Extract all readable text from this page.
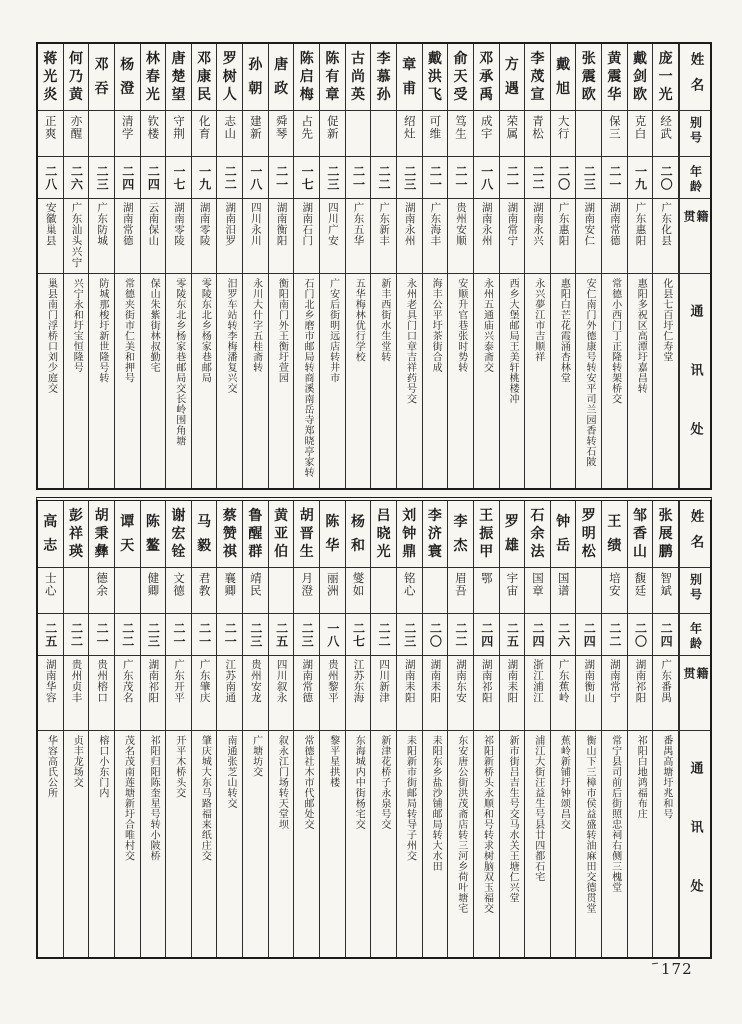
姓名
别号
年龄
籍贯
通讯处
庞
一
光
经武
二〇
广东化县
化县七百圩仁寿堂
戴
剑
欧
克白
一九
广东惠阳
惠阳多祝区高潭圩嘉昌转
黄
震
华
保三
二一
湖南常德
常德小西门丁正隆转架桥交
张
震
欧
二三
湖南安仁
安仁南门外德康号转安平司兰园香转石陂
戴
旭
大行
二〇
广东惠阳
惠阳白芒花霞涌杏林堂
李
荗
宣
青松
二二
湖南永兴
永兴夢江市吉顺祥
方
遇
荣属
二一
湖南常宁
西乡大堡邮局王美轩桃楼冲
邓
承
禹
成宇
一八
湖南永州
永州五通庙兴泰斋交
俞
天
受
笃生
二一
贵州安顺
安顺升官巷张时势转
戴
洪
飞
可维
二一
广东海丰
海丰公平圩茶街合成
章
甫
绍灶
二三
湖南永州
永州老具门口章吉祥药号交
李
慕
孙
二二
广东新丰
新丰西街水生堂转
古
尚
英
二一
广东五华
五华梅林优行学校
陈
有
章
促新
二三
四川广安
广安后街明远店转井市
陈
启
梅
占先
一七
湖南石门
石门北乡磨市邮局转商溪南岳寺郑晓亭家转
唐
政
舜琴
二一
湖南衡阳
衡阳南门外王衡圩萱园
孙
朝
建新
一八
四川永川
永川大什字五桂斋转
罗
树
人
志山
二二
湖南汨罗
汨罗车站转李梅潘复兴交
邓
康
民
化育
一九
湖南零陵
零陵东北乡杨家巷邮局
唐
楚
望
守荆
一七
湖南零陵
零陵东北乡杨家巷邮局交长岭围角塘
林
春
光
钦楼
二四
云南保山
保山朱紫街林叔勤宅
杨
澄
清学
二四
湖南常德
常德夹街市仁美和押号
邓
吞
二三
广东防城
防城那梭圩新世隆号转
何
乃
黄
亦醒
二六
广东汕头兴宁
兴宁永和圩宝恒隆号
蒋
光
炎
正爽
二八
安徽巢县
巢县南门浮桥口刘少庭交
姓名
别号
年龄
籍贯
通讯处
张
展
鹏
智斌
二四
广东番禺
番禺高塘圩兆和号
邹
香
山
馥廷
二〇
湖南祁阳
祁阳白地鸿福布庄
王
绩
培安
二二
湖南常宁
常宁县司前后街照忠祠右侧三槐堂
罗
明
松
二四
湖南衡山
衡山下三樟市侯益盛转油麻田交德贯堂
钟
岳
国谱
二六
广东蕉岭
蕉岭新铺圩钟颂昌交
石
余
法
国章
二四
浙江浦江
浦江大街汪益生号县廿四都石宅
罗
雄
宇宙
二五
湖南耒阳
新市街吕吉生号交马水关王塘仁兴堂
王
振
甲
鄂
二四
湖南祁阳
祁阳新桥头永顺和号转求树脑双玉福交
李
杰
眉吾
二二
湖南东安
东安唐公街洪茂斋店转三河乡荷叶塘宅
李
济
寰
二〇
湖南耒阳
耒阳东乡盐沙铺邮局转大水田
刘
钟
鼎
铭心
二三
湖南耒阳
耒阳新市街邮局转导子州交
吕
晓
光
二二
四川新津
新津花桥子永泉号交
杨
和
燮如
二七
江苏东海
东海城内中街杨宅交
陈
华
丽洲
一八
贵州黎平
黎平星拱楼
胡
晋
生
月澄
二三
湖南常德
常德社木市代邮处交
黄
亚
伯
二五
四川叙永
叙永江门场转天堂坝
鲁
醒
群
靖民
二三
贵州安龙
广塘坊交
蔡
赞
祺
襄卿
二一
江苏南通
南通张芝山转交
马
毅
君教
二一
广东肇庆
肇庆城大东马路福来纸庄交
谢
宏
铨
文德
二一
广东开平
开平木桥头交
陈
鳌
健卿
二三
湖南祁阳
祁阳归阳陈奎星号转小陂桥
谭
天
二二
广东茂名
茂名茂南莲塘新圩合唯村交
胡
秉
彝
德余
二一
贵州榕口
榕口小东门内
彭
祥
瑛
二二
贵州贞丰
贞丰龙场交
高
志
士心
二五
湖南华容
华容高氏公所
172
